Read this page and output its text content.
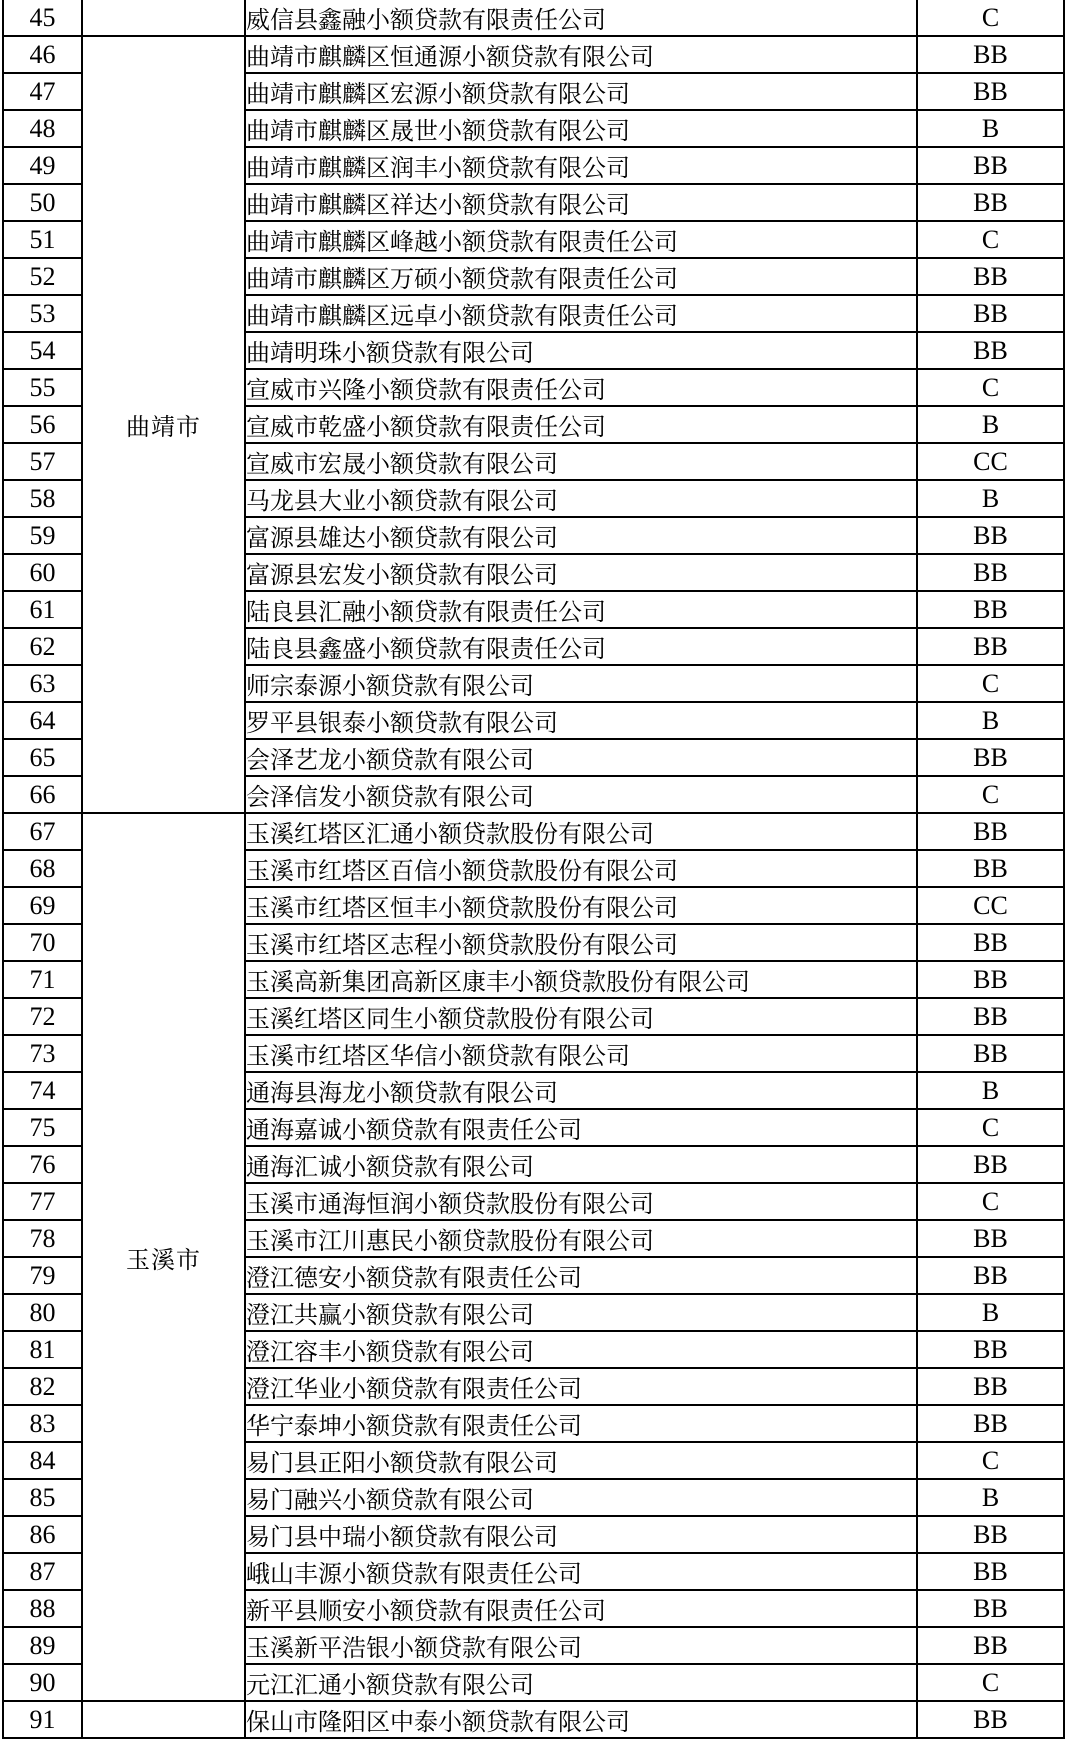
45		威信县鑫融小额贷款有限责任公司	C
46	曲靖市	曲靖市麒麟区恒通源小额贷款有限公司	BB
47		曲靖市麒麟区宏源小额贷款有限公司	BB
48		曲靖市麒麟区晟世小额贷款有限公司	B
49		曲靖市麒麟区润丰小额贷款有限公司	BB
50		曲靖市麒麟区祥达小额贷款有限公司	BB
51		曲靖市麒麟区峰越小额贷款有限责任公司	C
52		曲靖市麒麟区万硕小额贷款有限责任公司	BB
53		曲靖市麒麟区远卓小额贷款有限责任公司	BB
54		曲靖明珠小额贷款有限公司	BB
55		宣威市兴隆小额贷款有限责任公司	C
56		宣威市乾盛小额贷款有限责任公司	B
57		宣威市宏晟小额贷款有限公司	CC
58		马龙县大业小额贷款有限公司	B
59		富源县雄达小额贷款有限公司	BB
60		富源县宏发小额贷款有限公司	BB
61		陆良县汇融小额贷款有限责任公司	BB
62		陆良县鑫盛小额贷款有限责任公司	BB
63		师宗泰源小额贷款有限公司	C
64		罗平县银泰小额贷款有限公司	B
65		会泽艺龙小额贷款有限公司	BB
66		会泽信发小额贷款有限公司	C
67	玉溪市	玉溪红塔区汇通小额贷款股份有限公司	BB
68		玉溪市红塔区百信小额贷款股份有限公司	BB
69		玉溪市红塔区恒丰小额贷款股份有限公司	CC
70		玉溪市红塔区志程小额贷款股份有限公司	BB
71		玉溪高新集团高新区康丰小额贷款股份有限公司	BB
72		玉溪红塔区同生小额贷款股份有限公司	BB
73		玉溪市红塔区华信小额贷款有限公司	BB
74		通海县海龙小额贷款有限公司	B
75		通海嘉诚小额贷款有限责任公司	C
76		通海汇诚小额贷款有限公司	BB
77		玉溪市通海恒润小额贷款股份有限公司	C
78		玉溪市江川惠民小额贷款股份有限公司	BB
79		澄江德安小额贷款有限责任公司	BB
80		澄江共赢小额贷款有限公司	B
81		澄江容丰小额贷款有限公司	BB
82		澄江华业小额贷款有限责任公司	BB
83		华宁泰坤小额贷款有限责任公司	BB
84		易门县正阳小额贷款有限公司	C
85		易门融兴小额贷款有限公司	B
86		易门县中瑞小额贷款有限公司	BB
87		峨山丰源小额贷款有限责任公司	BB
88		新平县顺安小额贷款有限责任公司	BB
89		玉溪新平浩银小额贷款有限公司	BB
90		元江汇通小额贷款有限公司	C
91		保山市隆阳区中泰小额贷款有限公司	BB
